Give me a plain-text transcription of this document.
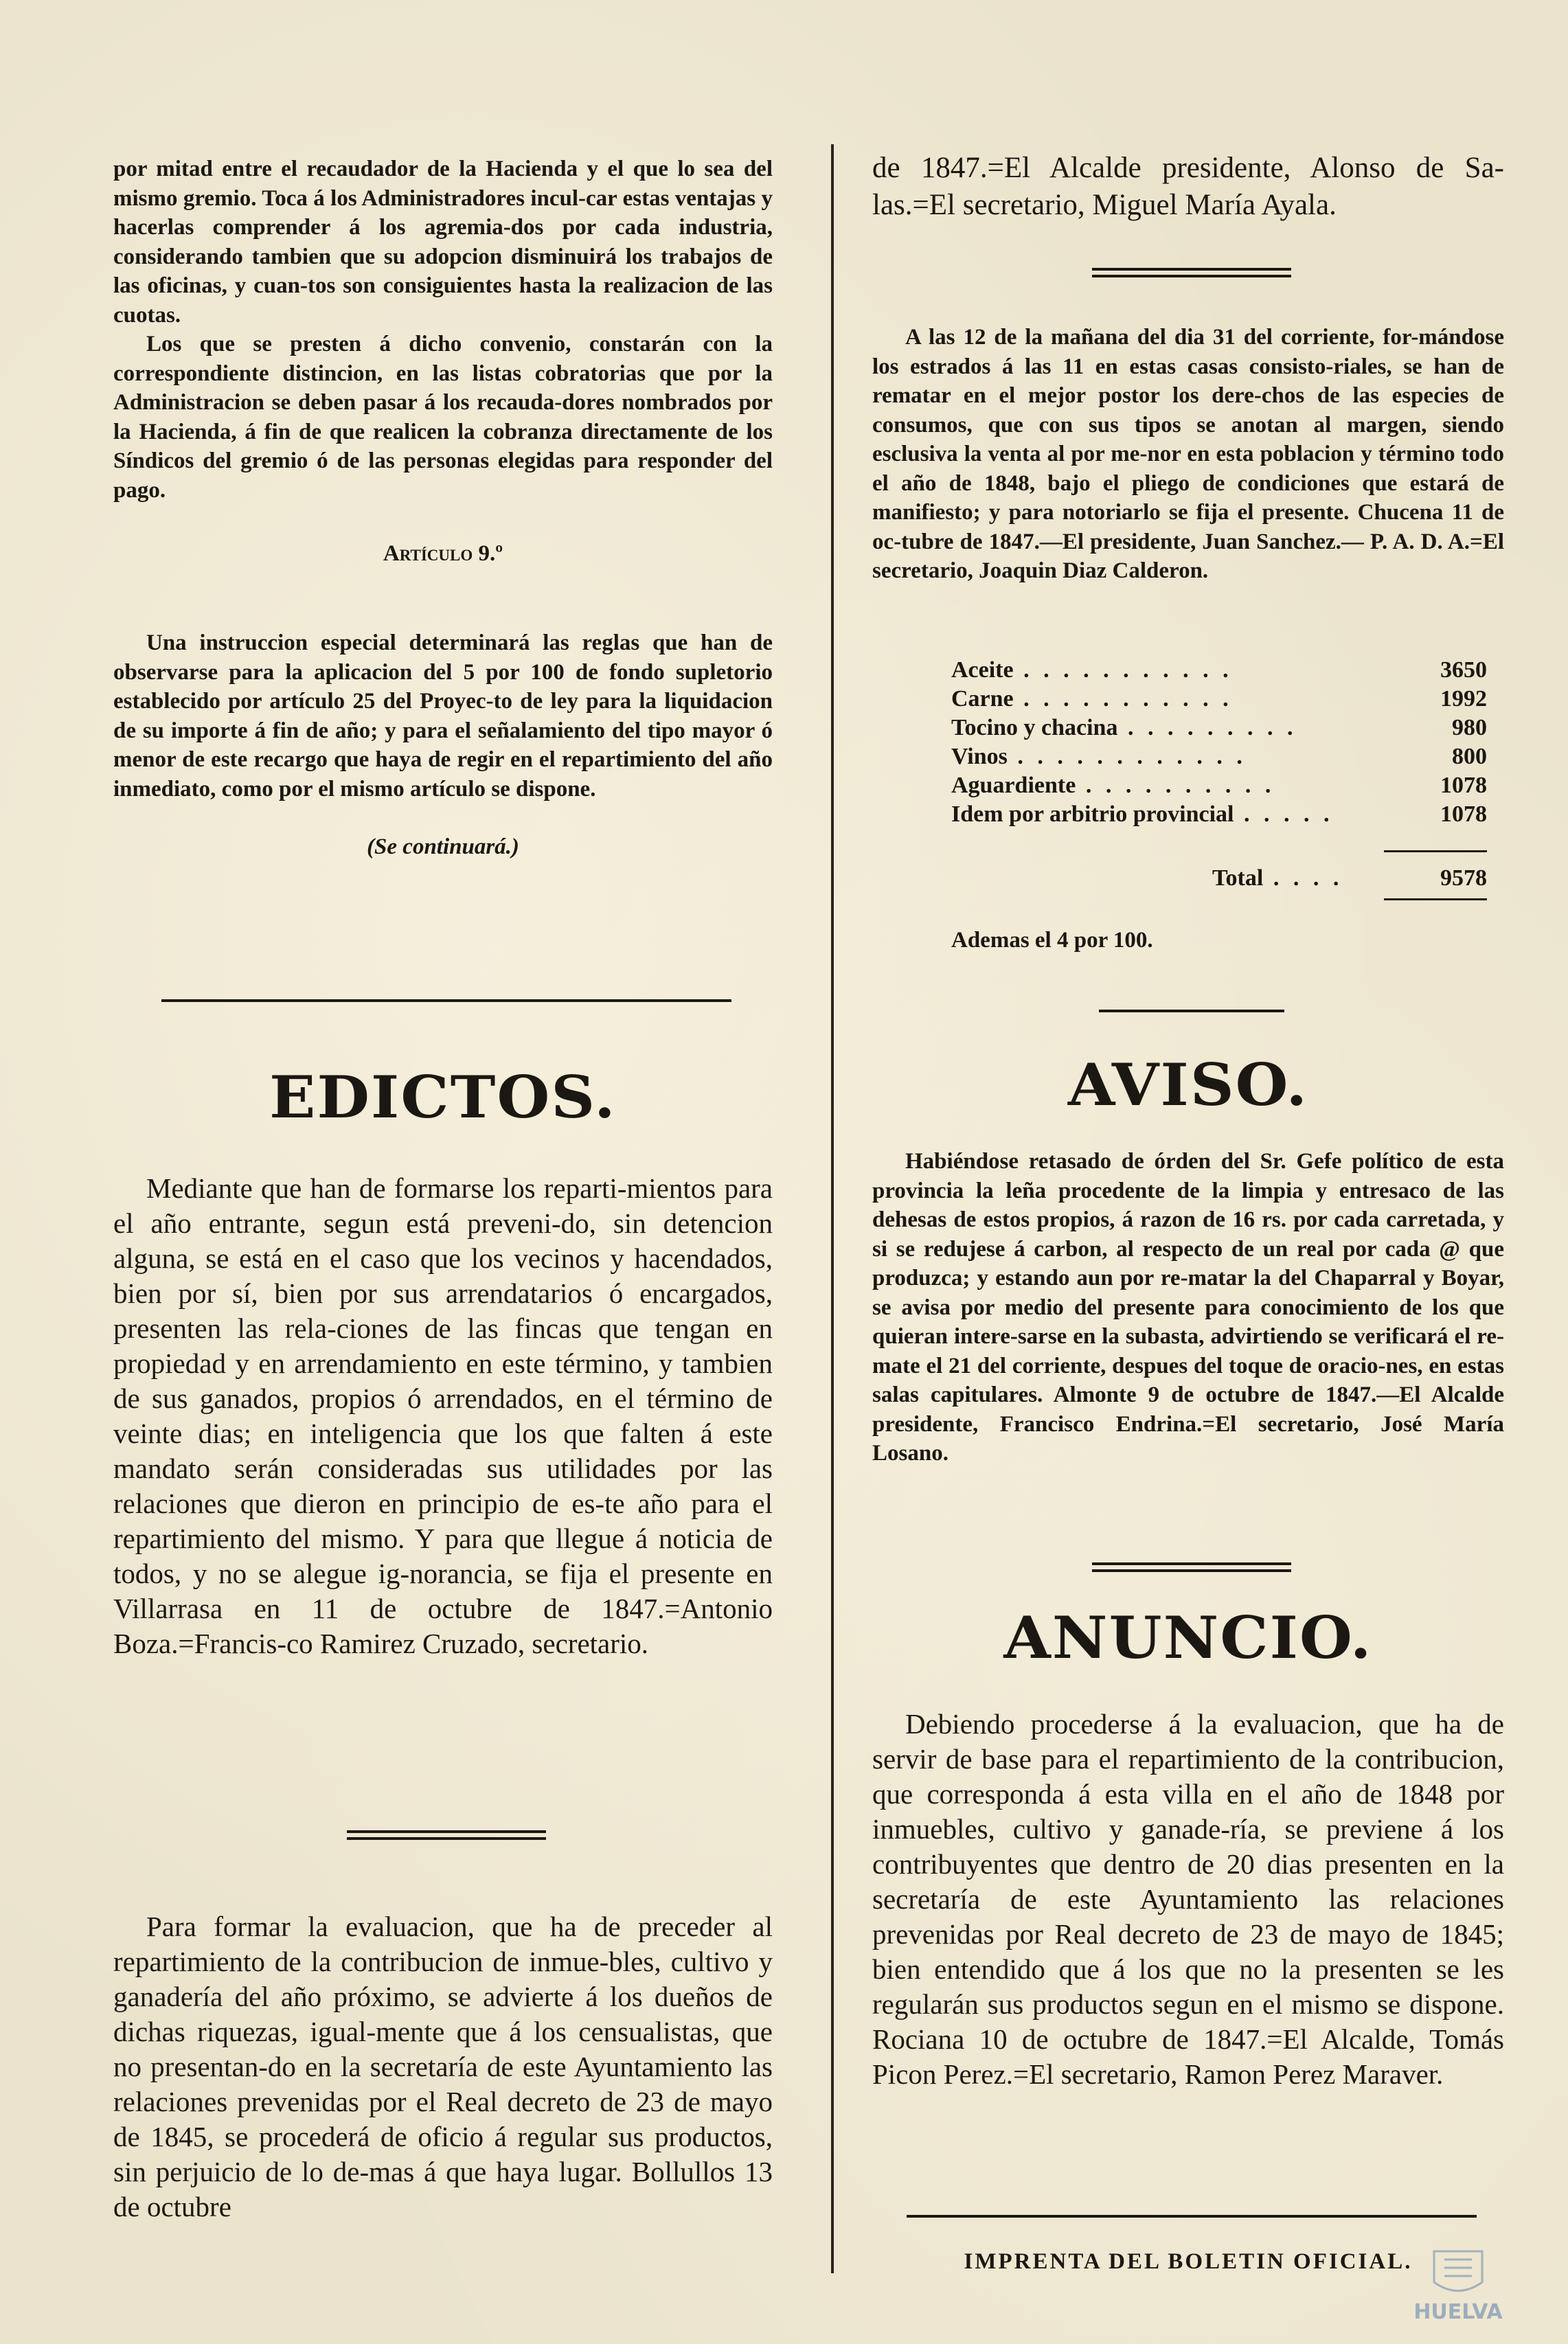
por mitad entre el recaudador de la Hacienda y el que lo sea del mismo gremio. Toca á los Administradores incul-car estas ventajas y hacerlas comprender á los agremia-dos por cada industria, considerando tambien que su adopcion disminuirá los trabajos de las oficinas, y cuan-tos son consiguientes hasta la realizacion de las cuotas.

Los que se presten á dicho convenio, constarán con la correspondiente distincion, en las listas cobratorias que por la Administracion se deben pasar á los recauda-dores nombrados por la Hacienda, á fin de que realicen la cobranza directamente de los Síndicos del gremio ó de las personas elegidas para responder del pago.

Artículo 9.º

Una instruccion especial determinará las reglas que han de observarse para la aplicacion del 5 por 100 de fondo supletorio establecido por artículo 25 del Proyec-to de ley para la liquidacion de su importe á fin de año; y para el señalamiento del tipo mayor ó menor de este recargo que haya de regir en el repartimiento del año inmediato, como por el mismo artículo se dispone.

(Se continuará.)

EDICTOS.

Mediante que han de formarse los reparti-mientos para el año entrante, segun está preveni-do, sin detencion alguna, se está en el caso que los vecinos y hacendados, bien por sí, bien por sus arrendatarios ó encargados, presenten las rela-ciones de las fincas que tengan en propiedad y en arrendamiento en este término, y tambien de sus ganados, propios ó arrendados, en el término de veinte dias; en inteligencia que los que falten á este mandato serán consideradas sus utilidades por las relaciones que dieron en principio de es-te año para el repartimiento del mismo. Y para que llegue á noticia de todos, y no se alegue ig-norancia, se fija el presente en Villarrasa en 11 de octubre de 1847.=Antonio Boza.=Francis-co Ramirez Cruzado, secretario.

Para formar la evaluacion, que ha de preceder al repartimiento de la contribucion de inmue-bles, cultivo y ganadería del año próximo, se advierte á los dueños de dichas riquezas, igual-mente que á los censualistas, que no presentan-do en la secretaría de este Ayuntamiento las relaciones prevenidas por el Real decreto de 23 de mayo de 1845, se procederá de oficio á regular sus productos, sin perjuicio de lo de-mas á que haya lugar. Bollullos 13 de octubre

de 1847.=El Alcalde presidente, Alonso de Sa-las.=El secretario, Miguel María Ayala.

A las 12 de la mañana del dia 31 del corriente, for-mándose los estrados á las 11 en estas casas consisto-riales, se han de rematar en el mejor postor los dere-chos de las especies de consumos, que con sus tipos se anotan al margen, siendo esclusiva la venta al por me-nor en esta poblacion y término todo el año de 1848, bajo el pliego de condiciones que estará de manifiesto; y para notoriarlo se fija el presente. Chucena 11 de oc-tubre de 1847.—El presidente, Juan Sanchez.— P. A. D. A.=El secretario, Joaquin Diaz Calderon.

Aceite . . . . . . . . . . .	3650
Carne . . . . . . . . . . .	1992
Tocino y chacina . . . . . . . . .	980
Vinos . . . . . . . . . . . .	800
Aguardiente . . . . . . . . . .	1078
Idem por arbitrio provincial . . . . .	1078
Total . . . .	9578

Ademas el 4 por 100.

AVISO.

Habiéndose retasado de órden del Sr. Gefe político de esta provincia la leña procedente de la limpia y entresaco de las dehesas de estos propios, á razon de 16 rs. por cada carretada, y si se redujese á carbon, al respecto de un real por cada @ que produzca; y estando aun por re-matar la del Chaparral y Boyar, se avisa por medio del presente para conocimiento de los que quieran intere-sarse en la subasta, advirtiendo se verificará el re-mate el 21 del corriente, despues del toque de oracio-nes, en estas salas capitulares. Almonte 9 de octubre de 1847.—El Alcalde presidente, Francisco Endrina.=El secretario, José María Losano.

ANUNCIO.

Debiendo procederse á la evaluacion, que ha de servir de base para el repartimiento de la contribucion, que corresponda á esta villa en el año de 1848 por inmuebles, cultivo y ganade-ría, se previene á los contribuyentes que dentro de 20 dias presenten en la secretaría de este Ayuntamiento las relaciones prevenidas por Real decreto de 23 de mayo de 1845; bien entendido que á los que no la presenten se les regularán sus productos segun en el mismo se dispone. Rociana 10 de octubre de 1847.=El Alcalde, Tomás Picon Perez.=El secretario, Ramon Perez Maraver.

IMPRENTA DEL BOLETIN OFICIAL.

HUELVA
